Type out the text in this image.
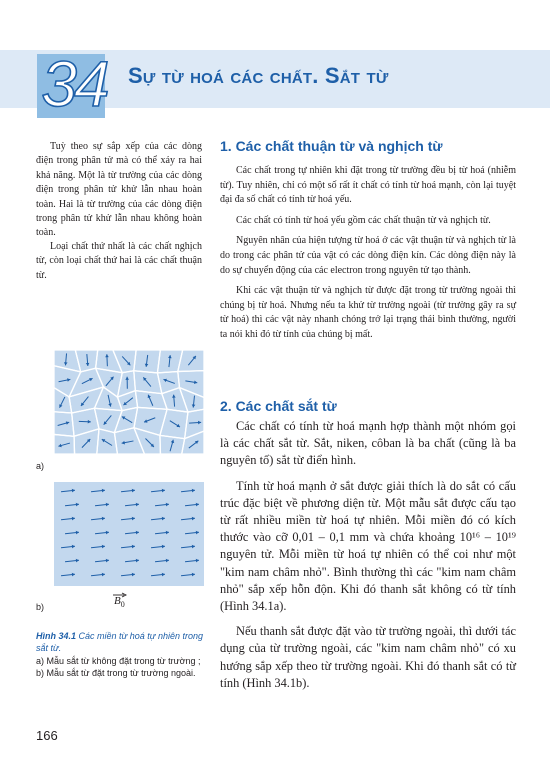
34 Sự từ hoá các chất. Sắt từ

Tuỳ theo sự sắp xếp của các dòng điện trong phân tử mà có thể xảy ra hai khả năng. Một là từ trường của các dòng điện trong phân tử khử lẫn nhau hoàn toàn. Hai là từ trường của các dòng điện trong phân tử khử lẫn nhau không hoàn toàn.

Loại chất thứ nhất là các chất nghịch từ, còn loại chất thứ hai là các chất thuận từ.

a)
b)	$B_0$
Hình 34.1 Các miền từ hoá tự nhiên trong sắt từ.
a) Mẫu sắt từ không đặt trong từ trường ; b) Mẫu sắt từ đặt trong từ trường ngoài.
1. Các chất thuận từ và nghịch từ

Các chất trong tự nhiên khi đặt trong từ trường đều bị từ hoá (nhiễm từ). Tuy nhiên, chỉ có một số rất ít chất có tính từ hoá mạnh, còn lại tuyệt đại đa số chất có tính từ hoá yếu.

Các chất có tính từ hoá yếu gồm các chất thuận từ và nghịch từ.

Nguyên nhân của hiện tượng từ hoá ở các vật thuận từ và nghịch từ là do trong các phân tử của vật có các dòng điện kín. Các dòng điện này là do sự chuyển động của các electron trong nguyên tử tạo thành.

Khi các vật thuận từ và nghịch từ được đặt trong từ trường ngoài thì chúng bị từ hoá. Nhưng nếu ta khử từ trường ngoài (từ trường gây ra sự từ hoá) thì các vật này nhanh chóng trở lại trạng thái bình thường, người ta nói khi đó từ tính của chúng bị mất.

2. Các chất sắt từ

Các chất có tính từ hoá mạnh hợp thành một nhóm gọi là các chất sắt từ. Sắt, niken, côban là ba chất (cũng là ba nguyên tố) sắt từ điển hình.

Tính từ hoá mạnh ở sắt được giải thích là do sắt có cấu trúc đặc biệt về phương diện từ. Một mẫu sắt được cấu tạo từ rất nhiều miền từ hoá tự nhiên. Mỗi miền đó có kích thước vào cỡ 0,01 – 0,1 mm và chứa khoảng 10¹⁶ – 10¹⁹ nguyên tử. Mỗi miền từ hoá tự nhiên có thể coi như một "kim nam châm nhỏ". Bình thường thì các "kim nam châm nhỏ" sắp xếp hỗn độn. Khi đó thanh sắt không có từ tính (Hình 34.1a).

Nếu thanh sắt được đặt vào từ trường ngoài, thì dưới tác dụng của từ trường ngoài, các "kim nam châm nhỏ" có xu hướng sắp xếp theo từ trường ngoài. Khi đó thanh sắt có từ tính (Hình 34.1b).

166
